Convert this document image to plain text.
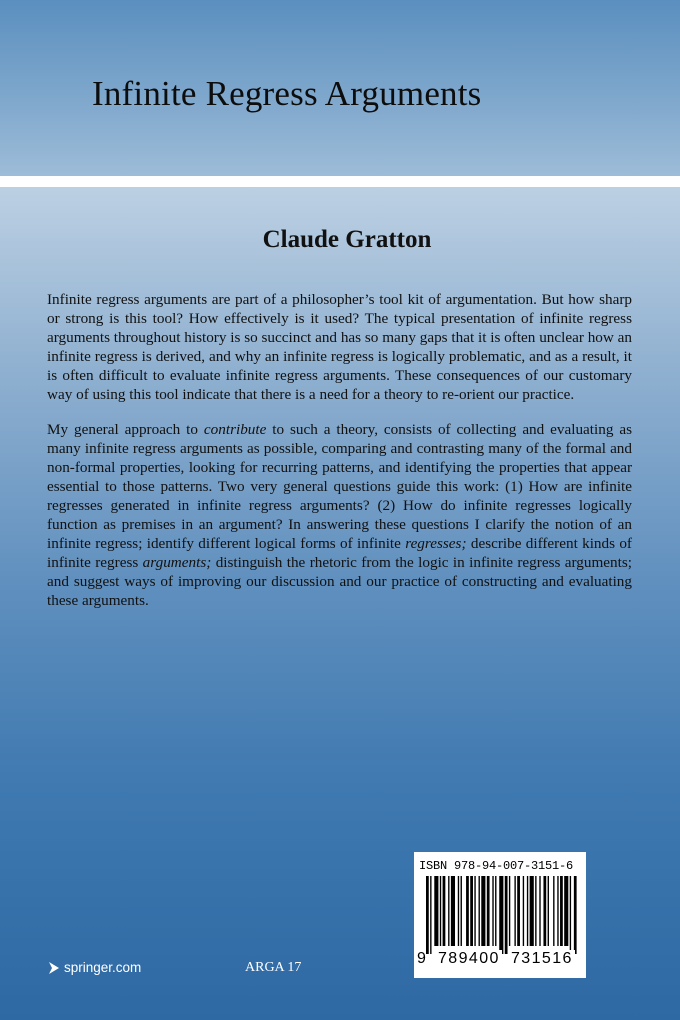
Infinite Regress Arguments
Claude Gratton

Infinite regress arguments are part of a philosopher’s tool kit of argumentation. But how sharp or strong is this tool? How effectively is it used? The typical presentation of infinite regress arguments throughout history is so succinct and has so many gaps that it is often unclear how an infinite regress is derived, and why an infinite regress is logically problematic, and as a result, it is often difficult to evaluate infinite regress arguments. These consequences of our customary way of using this tool indicate that there is a need for a theory to re-orient our practice.

My general approach to contribute to such a theory, consists of collecting and evaluating as many infinite regress arguments as possible, comparing and contrasting many of the formal and non-formal properties, looking for recurring patterns, and identifying the properties that appear essential to those patterns. Two very general questions guide this work: (1) How are infinite regresses generated in infinite regress arguments? (2) How do infinite regresses logically function as premises in an argument? In answering these questions I clarify the notion of an infinite regress; identify different logical forms of infinite regresses; describe different kinds of infinite regress arguments; distinguish the rhetoric from the logic in infinite regress arguments; and suggest ways of improving our discussion and our practice of constructing and evaluating these arguments.

springer.com	ARGA 17
ISBN 978-94-007-3151-6
9 789400 731516
